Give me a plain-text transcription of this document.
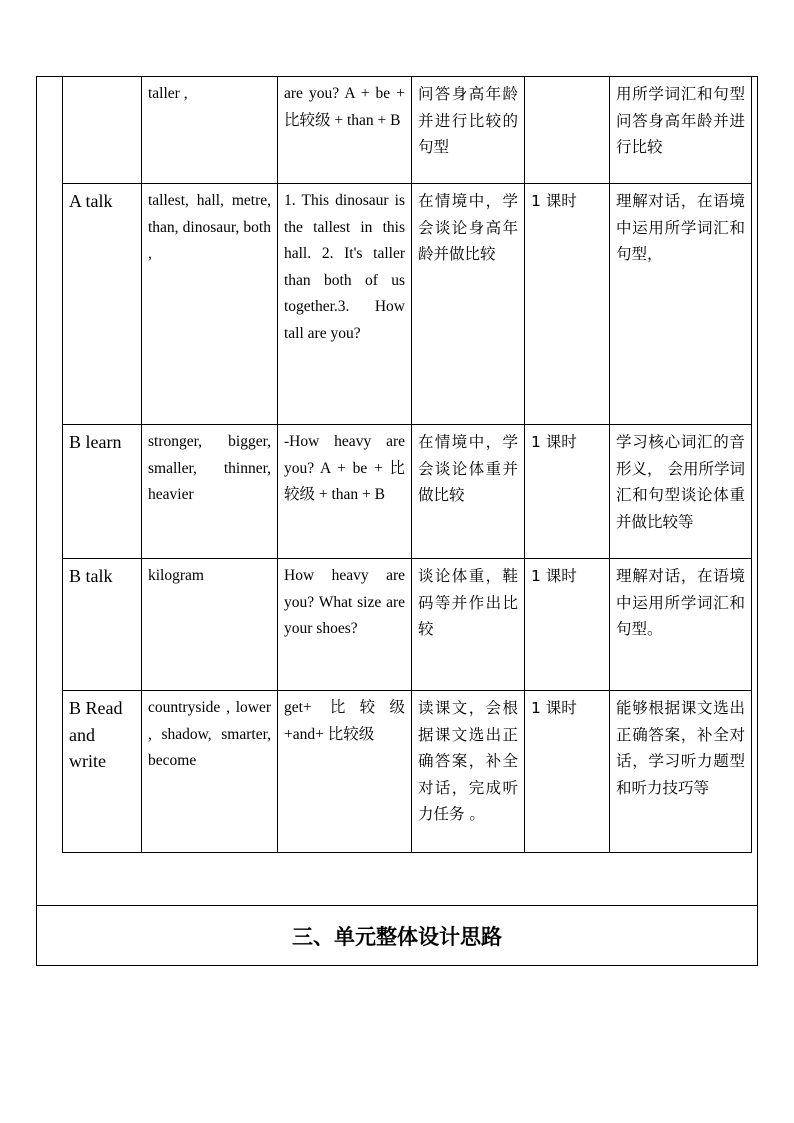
	taller ,	are you? A + be + 比较级 + than + B	问答身高年龄并进行比较的句型		用所学词汇和句型问答身高年龄并进行比较
A talk	tallest, hall, metre, than, dinosaur, both ,	1. This dinosaur is the tallest in this hall. 2. It's taller than both of us together.3. How tall are you?	在情境中，学会谈论身高年龄并做比较	1 课时	理解对话，在语境中运用所学词汇和句型，
B learn	stronger, bigger, smaller, thinner, heavier	-How heavy are you? A + be + 比较级 + than + B	在情境中，学会谈论体重并做比较	1 课时	学习核心词汇的音形义， 会用所学词汇和句型谈论体重并做比较等
B talk	kilogram	How heavy are you? What size are your shoes?	谈论体重，鞋码等并作出比较	1 课时	理解对话，在语境中运用所学词汇和句型。
B Read and write	countryside , lower , shadow, smarter, become	get+ 比较级 +and+ 比较级	读课文，会根据课文选出正确答案，补全对话，完成听力任务 。	1 课时	能够根据课文选出正确答案，补全对话，学习听力题型和听力技巧等
三、单元整体设计思路
